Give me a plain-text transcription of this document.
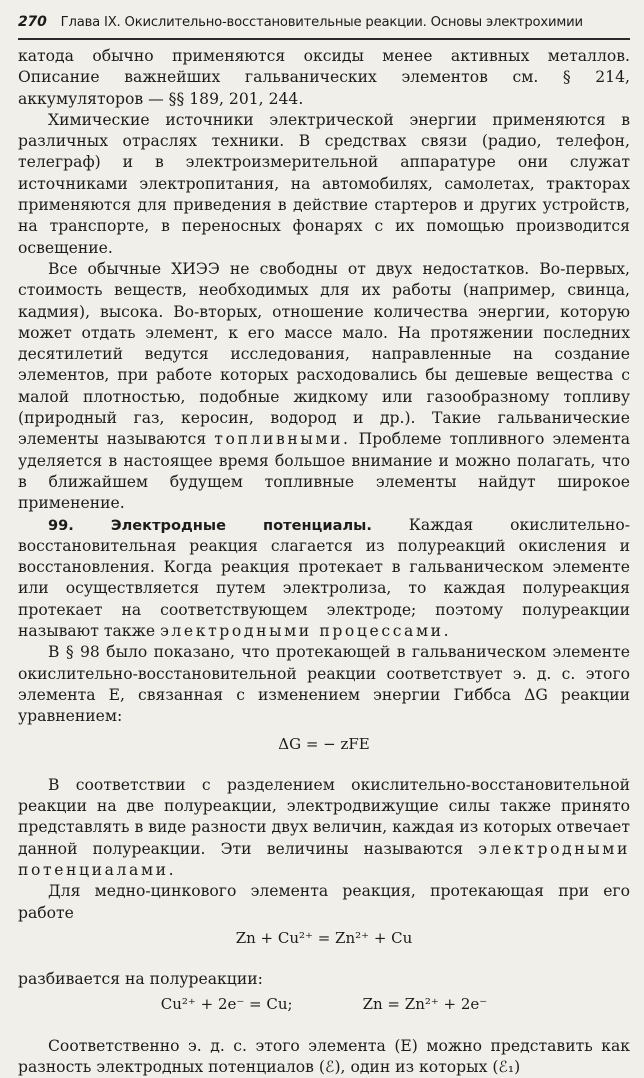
270 Глава IX. Окислительно-восстановительные реакции. Основы электрохимии

катода обычно применяются оксиды менее активных металлов. Описание важнейших гальванических элементов см. § 214, аккумуляторов — §§ 189, 201, 244.

Химические источники электрической энергии применяются в различных отраслях техники. В средствах связи (радио, телефон, телеграф) и в электроизмерительной аппаратуре они служат источниками электропитания, на автомобилях, самолетах, тракторах применяются для приведения в действие стартеров и других устройств, на транспорте, в переносных фонарях с их помощью производится освещение.

Все обычные ХИЭЭ не свободны от двух недостатков. Во-первых, стоимость веществ, необходимых для их работы (например, свинца, кадмия), высока. Во-вторых, отношение количества энергии, которую может отдать элемент, к его массе мало. На протяжении последних десятилетий ведутся исследования, направленные на создание элементов, при работе которых расходовались бы дешевые вещества с малой плотностью, подобные жидкому или газообразному топливу (природный газ, керосин, водород и др.). Такие гальванические элементы называются топливными. Проблеме топливного элемента уделяется в настоящее время большое внимание и можно полагать, что в ближайшем будущем топливные элементы найдут широкое применение.

99. Электродные потенциалы. Каждая окислительно-восстановительная реакция слагается из полуреакций окисления и восстановления. Когда реакция протекает в гальваническом элементе или осуществляется путем электролиза, то каждая полуреакция протекает на соответствующем электроде; поэтому полуреакции называют также электродными процессами.

В § 98 было показано, что протекающей в гальваническом элементе окислительно-восстановительной реакции соответствует э. д. с. этого элемента E, связанная с изменением энергии Гиббса ΔG реакции уравнением:

ΔG = − zFE

В соответствии с разделением окислительно-восстановительной реакции на две полуреакции, электродвижущие силы также принято представлять в виде разности двух величин, каждая из которых отвечает данной полуреакции. Эти величины называются электродными потенциалами.

Для медно-цинкового элемента реакция, протекающая при его работе

Zn + Cu²⁺ = Zn²⁺ + Cu

разбивается на полуреакции:

Cu²⁺ + 2e⁻ = Cu;	Zn = Zn²⁺ + 2e⁻

Соответственно э. д. с. этого элемента (E) можно представить как разность электродных потенциалов (ℰ), один из которых (ℰ₁)
